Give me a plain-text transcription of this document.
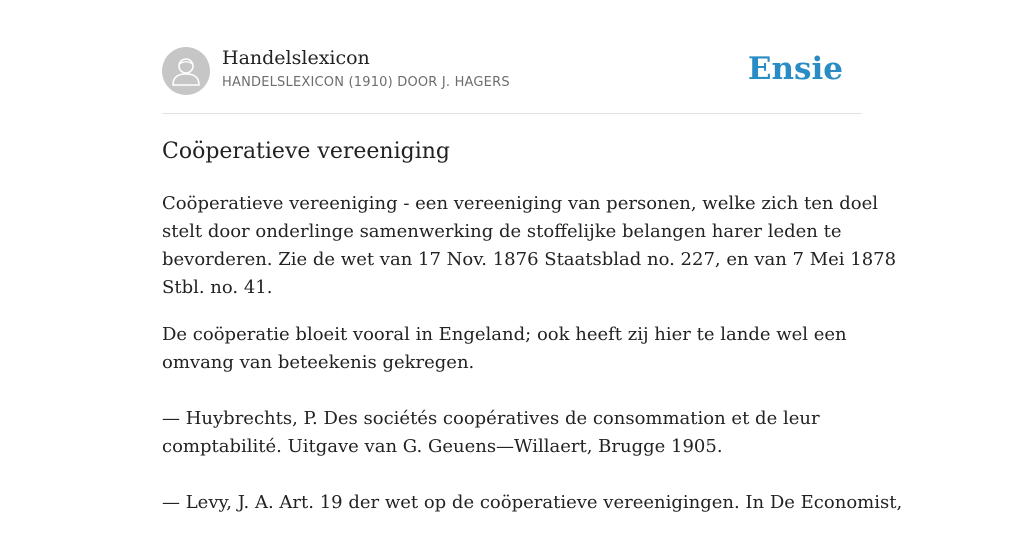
Handelslexicon
HANDELSLEXICON (1910) DOOR J. HAGERS	Ensie
Coöperatieve vereeniging

Coöperatieve vereeniging - een vereeniging van personen, welke zich ten doel
stelt door onderlinge samenwerking de stoffelijke belangen harer leden te
bevorderen. Zie de wet van 17 Nov. 1876 Staatsblad no. 227, en van 7 Mei 1878
Stbl. no. 41.

De coöperatie bloeit vooral in Engeland; ook heeft zij hier te lande wel een
omvang van beteekenis gekregen.

— Huybrechts, P. Des sociétés coopératives de consommation et de leur
comptabilité. Uitgave van G. Geuens—Willaert, Brugge 1905.

— Levy, J. A. Art. 19 der wet op de coöperatieve vereenigingen. In De Economist,
